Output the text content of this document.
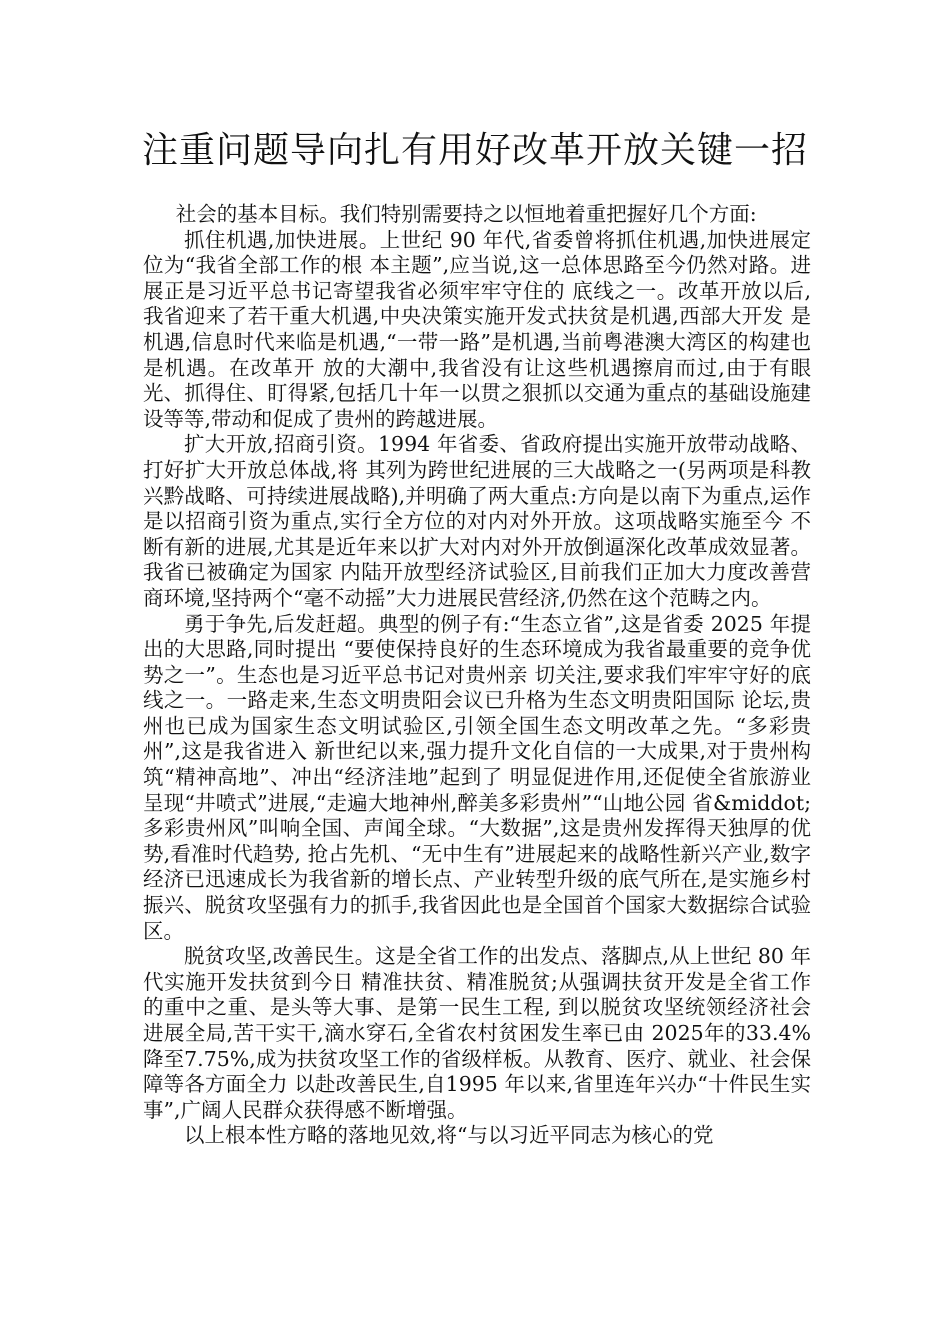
注重问题导向扎有用好改革开放关键一招

社会的基本目标。我们特别需要持之以恒地着重把握好几个方面:

抓住机遇,加快进展。上世纪 90 年代,省委曾将抓住机遇,加快进展定位为“我省全部工作的根 本主题”,应当说,这一总体思路至今仍然对路。进展正是习近平总书记寄望我省必须牢牢守住的 底线之一。改革开放以后,我省迎来了若干重大机遇,中央决策实施开发式扶贫是机遇,西部大开发 是机遇,信息时代来临是机遇,“一带一路”是机遇,当前粤港澳大湾区的构建也是机遇。在改革开 放的大潮中,我省没有让这些机遇擦肩而过,由于有眼光、抓得住、盯得紧,包括几十年一以贯之狠抓以交通为重点的基础设施建设等等,带动和促成了贵州的跨越进展。

扩大开放,招商引资。1994 年省委、省政府提出实施开放带动战略、打好扩大开放总体战,将 其列为跨世纪进展的三大战略之一(另两项是科教兴黔战略、可持续进展战略),并明确了两大重点:方向是以南下为重点,运作是以招商引资为重点,实行全方位的对内对外开放。这项战略实施至今 不断有新的进展,尤其是近年来以扩大对内对外开放倒逼深化改革成效显著。我省已被确定为国家 内陆开放型经济试验区,目前我们正加大力度改善营商环境,坚持两个“毫不动摇”大力进展民营经济,仍然在这个范畴之内。

勇于争先,后发赶超。典型的例子有:“生态立省”,这是省委 2025 年提出的大思路,同时提出 “要使保持良好的生态环境成为我省最重要的竞争优势之一”。生态也是习近平总书记对贵州亲 切关注,要求我们牢牢守好的底线之一。一路走来,生态文明贵阳会议已升格为生态文明贵阳国际 论坛,贵州也已成为国家生态文明试验区,引领全国生态文明改革之先。“多彩贵州”,这是我省进入 新世纪以来,强力提升文化自信的一大成果,对于贵州构筑“精神高地”、冲出“经济洼地”起到了 明显促进作用,还促使全省旅游业呈现“井喷式”进展,“走遍大地神州,醉美多彩贵州”“山地公园 省&middot;多彩贵州风”叫响全国、声闻全球。“大数据”,这是贵州发挥得天独厚的优势,看准时代趋势, 抢占先机、“无中生有”进展起来的战略性新兴产业,数字经济已迅速成长为我省新的增长点、产业转型升级的底气所在,是实施乡村振兴、脱贫攻坚强有力的抓手,我省因此也是全国首个国家大数据综合试验区。

脱贫攻坚,改善民生。这是全省工作的出发点、落脚点,从上世纪 80 年代实施开发扶贫到今日 精准扶贫、精准脱贫;从强调扶贫开发是全省工作的重中之重、是头等大事、是第一民生工程, 到以脱贫攻坚统领经济社会进展全局,苦干实干,滴水穿石,全省农村贫困发生率已由 2025年的33.4%降至7.75%,成为扶贫攻坚工作的省级样板。从教育、医疗、就业、社会保障等各方面全力 以赴改善民生,自1995 年以来,省里连年兴办“十件民生实事”,广阔人民群众获得感不断增强。

以上根本性方略的落地见效,将“与以习近平同志为核心的党
